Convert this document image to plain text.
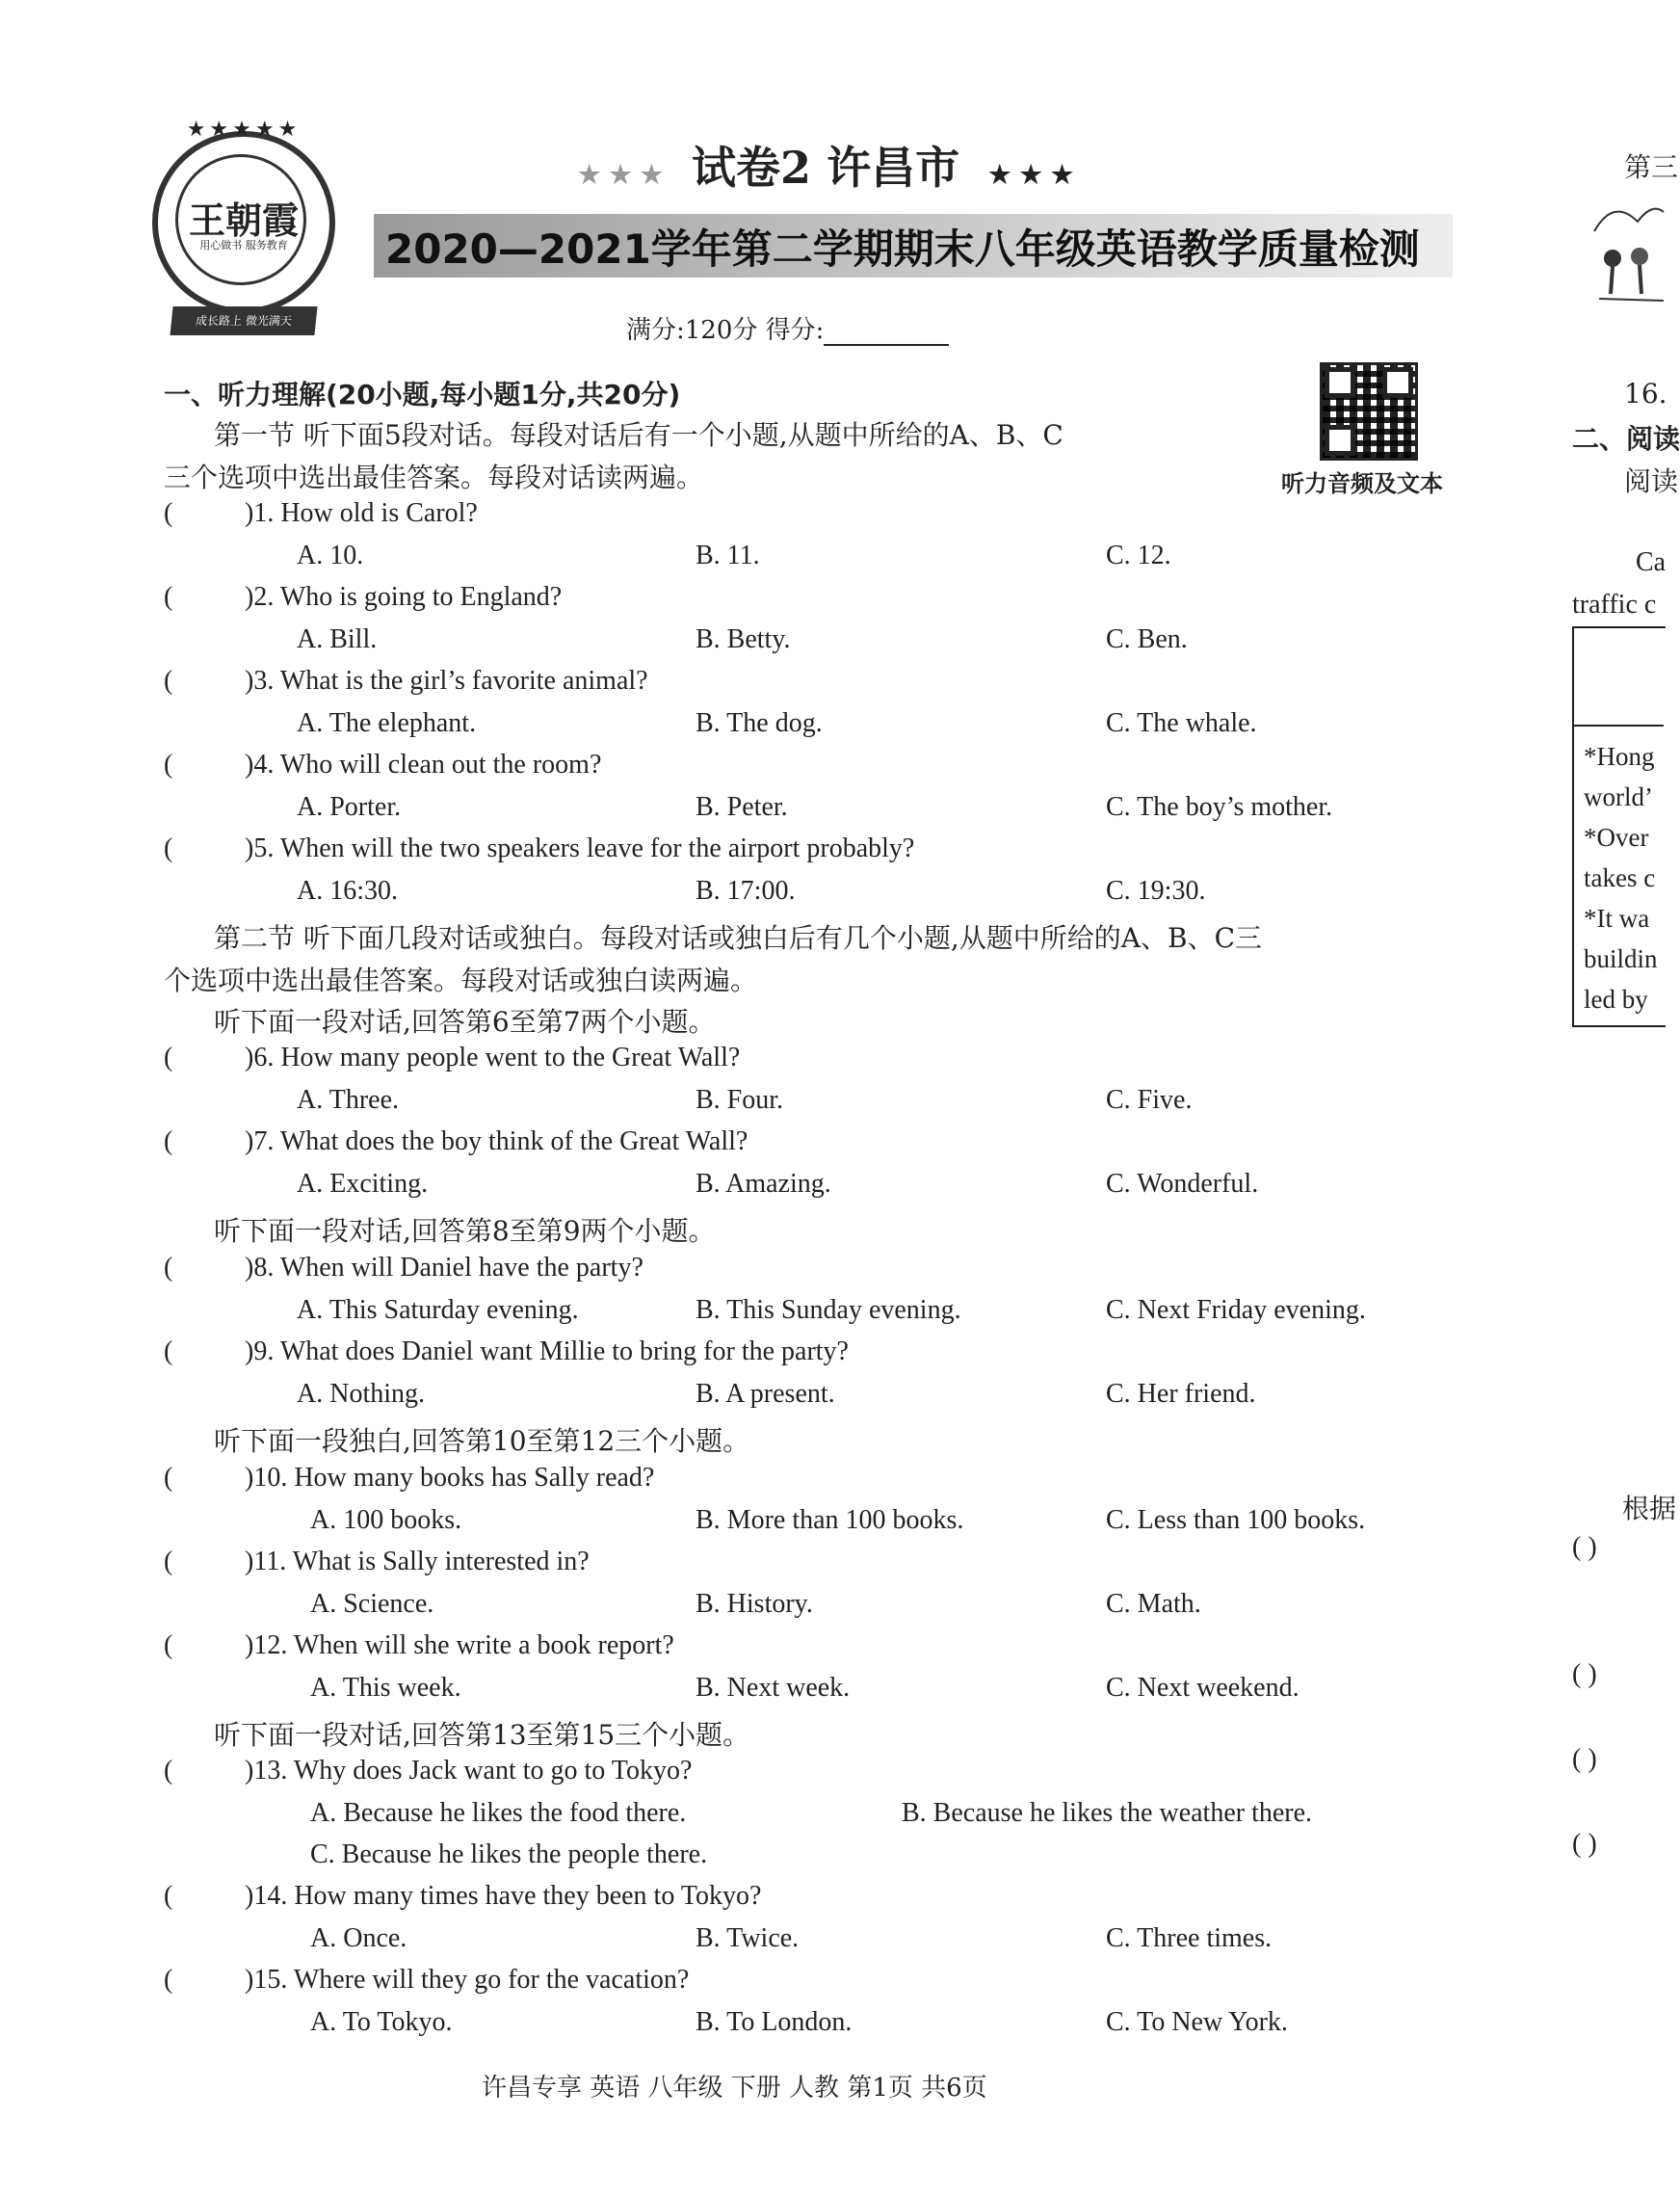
★★★★★
王朝霞
用心做书 服务教育
成长路上 微光满天
★ ★ ★ 试卷2 许昌市 ★ ★ ★
2020—2021学年第二学期期末八年级英语教学质量检测
满分:120分 得分:
听力音频及文本
一、听力理解(20小题,每小题1分,共20分)
第一节 听下面5段对话。每段对话后有一个小题,从题中所给的A、B、C
三个选项中选出最佳答案。每段对话读两遍。
(	)1. How old is Carol?
A. 10.	B. 11.	C. 12.
(	)2. Who is going to England?
A. Bill.	B. Betty.	C. Ben.
(	)3. What is the girl’s favorite animal?
A. The elephant.	B. The dog.	C. The whale.
(	)4. Who will clean out the room?
A. Porter.	B. Peter.	C. The boy’s mother.
(	)5. When will the two speakers leave for the airport probably?
A. 16:30.	B. 17:00.	C. 19:30.
第二节 听下面几段对话或独白。每段对话或独白后有几个小题,从题中所给的A、B、C三
个选项中选出最佳答案。每段对话或独白读两遍。
听下面一段对话,回答第6至第7两个小题。
(	)6. How many people went to the Great Wall?
A. Three.	B. Four.	C. Five.
(	)7. What does the boy think of the Great Wall?
A. Exciting.	B. Amazing.	C. Wonderful.
听下面一段对话,回答第8至第9两个小题。
(	)8. When will Daniel have the party?
A. This Saturday evening.	B. This Sunday evening.	C. Next Friday evening.
(	)9. What does Daniel want Millie to bring for the party?
A. Nothing.	B. A present.	C. Her friend.
听下面一段独白,回答第10至第12三个小题。
(	)10. How many books has Sally read?
A. 100 books.	B. More than 100 books.	C. Less than 100 books.
(	)11. What is Sally interested in?
A. Science.	B. History.	C. Math.
(	)12. When will she write a book report?
A. This week.	B. Next week.	C. Next weekend.
听下面一段对话,回答第13至第15三个小题。
(	)13. Why does Jack want to go to Tokyo?
A. Because he likes the food there.	B. Because he likes the weather there.
C. Because he likes the people there.
(	)14. How many times have they been to Tokyo?
A. Once.	B. Twice.	C. Three times.
(	)15. Where will they go for the vacation?
A. To Tokyo.	B. To London.	C. To New York.
许昌专享 英语 八年级 下册 人教 第1页 共6页
第三
16.
二、阅读
阅读
Ca
traffic c
*Hong
world’
*Over
takes c
*It wa
buildin
led by
根据
( )
( )
( )
( )
